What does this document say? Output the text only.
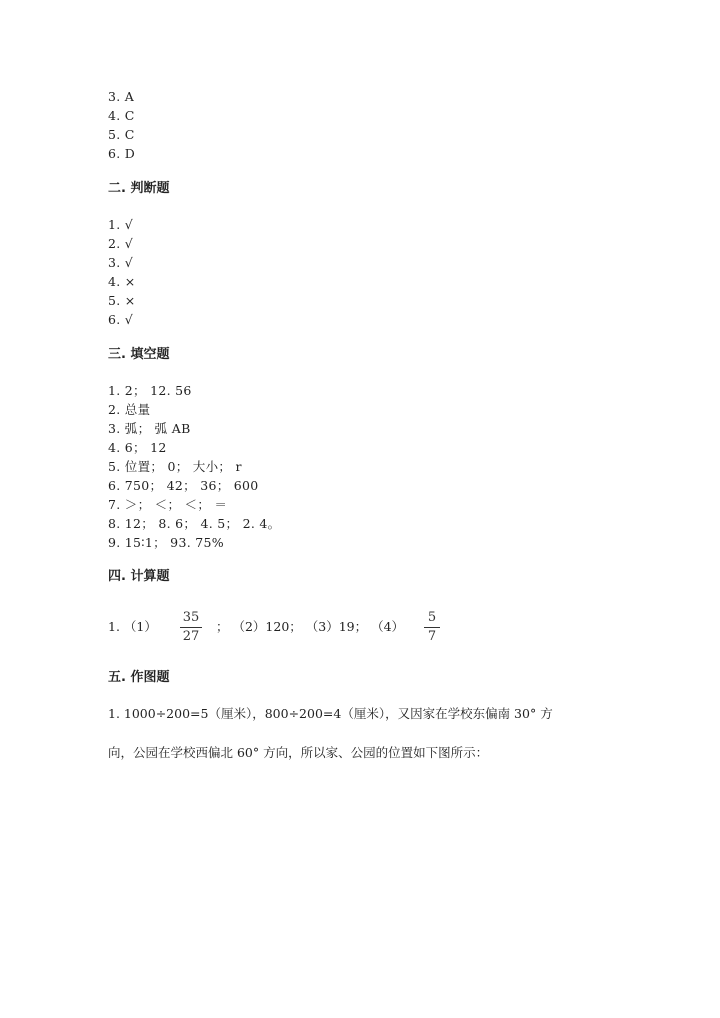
3. A
4. C
5. C
6. D
二. 判断题
1. √
2. √
3. √
4. ×
5. ×
6. √
三. 填空题
1. 2； 12. 56
2. 总量
3. 弧； 弧 AB
4. 6； 12
5. 位置； 0； 大小； r
6. 750； 42； 36； 600
7. ＞； ＜； ＜； ＝
8. 12； 8. 6； 4. 5； 2. 4。
9. 15∶1； 93. 75%
四. 计算题
1. （1）
35
27
； （2）120； （3）19； （4）
5
7
五. 作图题
1. 1000÷200=5（厘米），800÷200=4（厘米），又因家在学校东偏南 30° 方
向，公园在学校西偏北 60° 方向，所以家、公园的位置如下图所示：
